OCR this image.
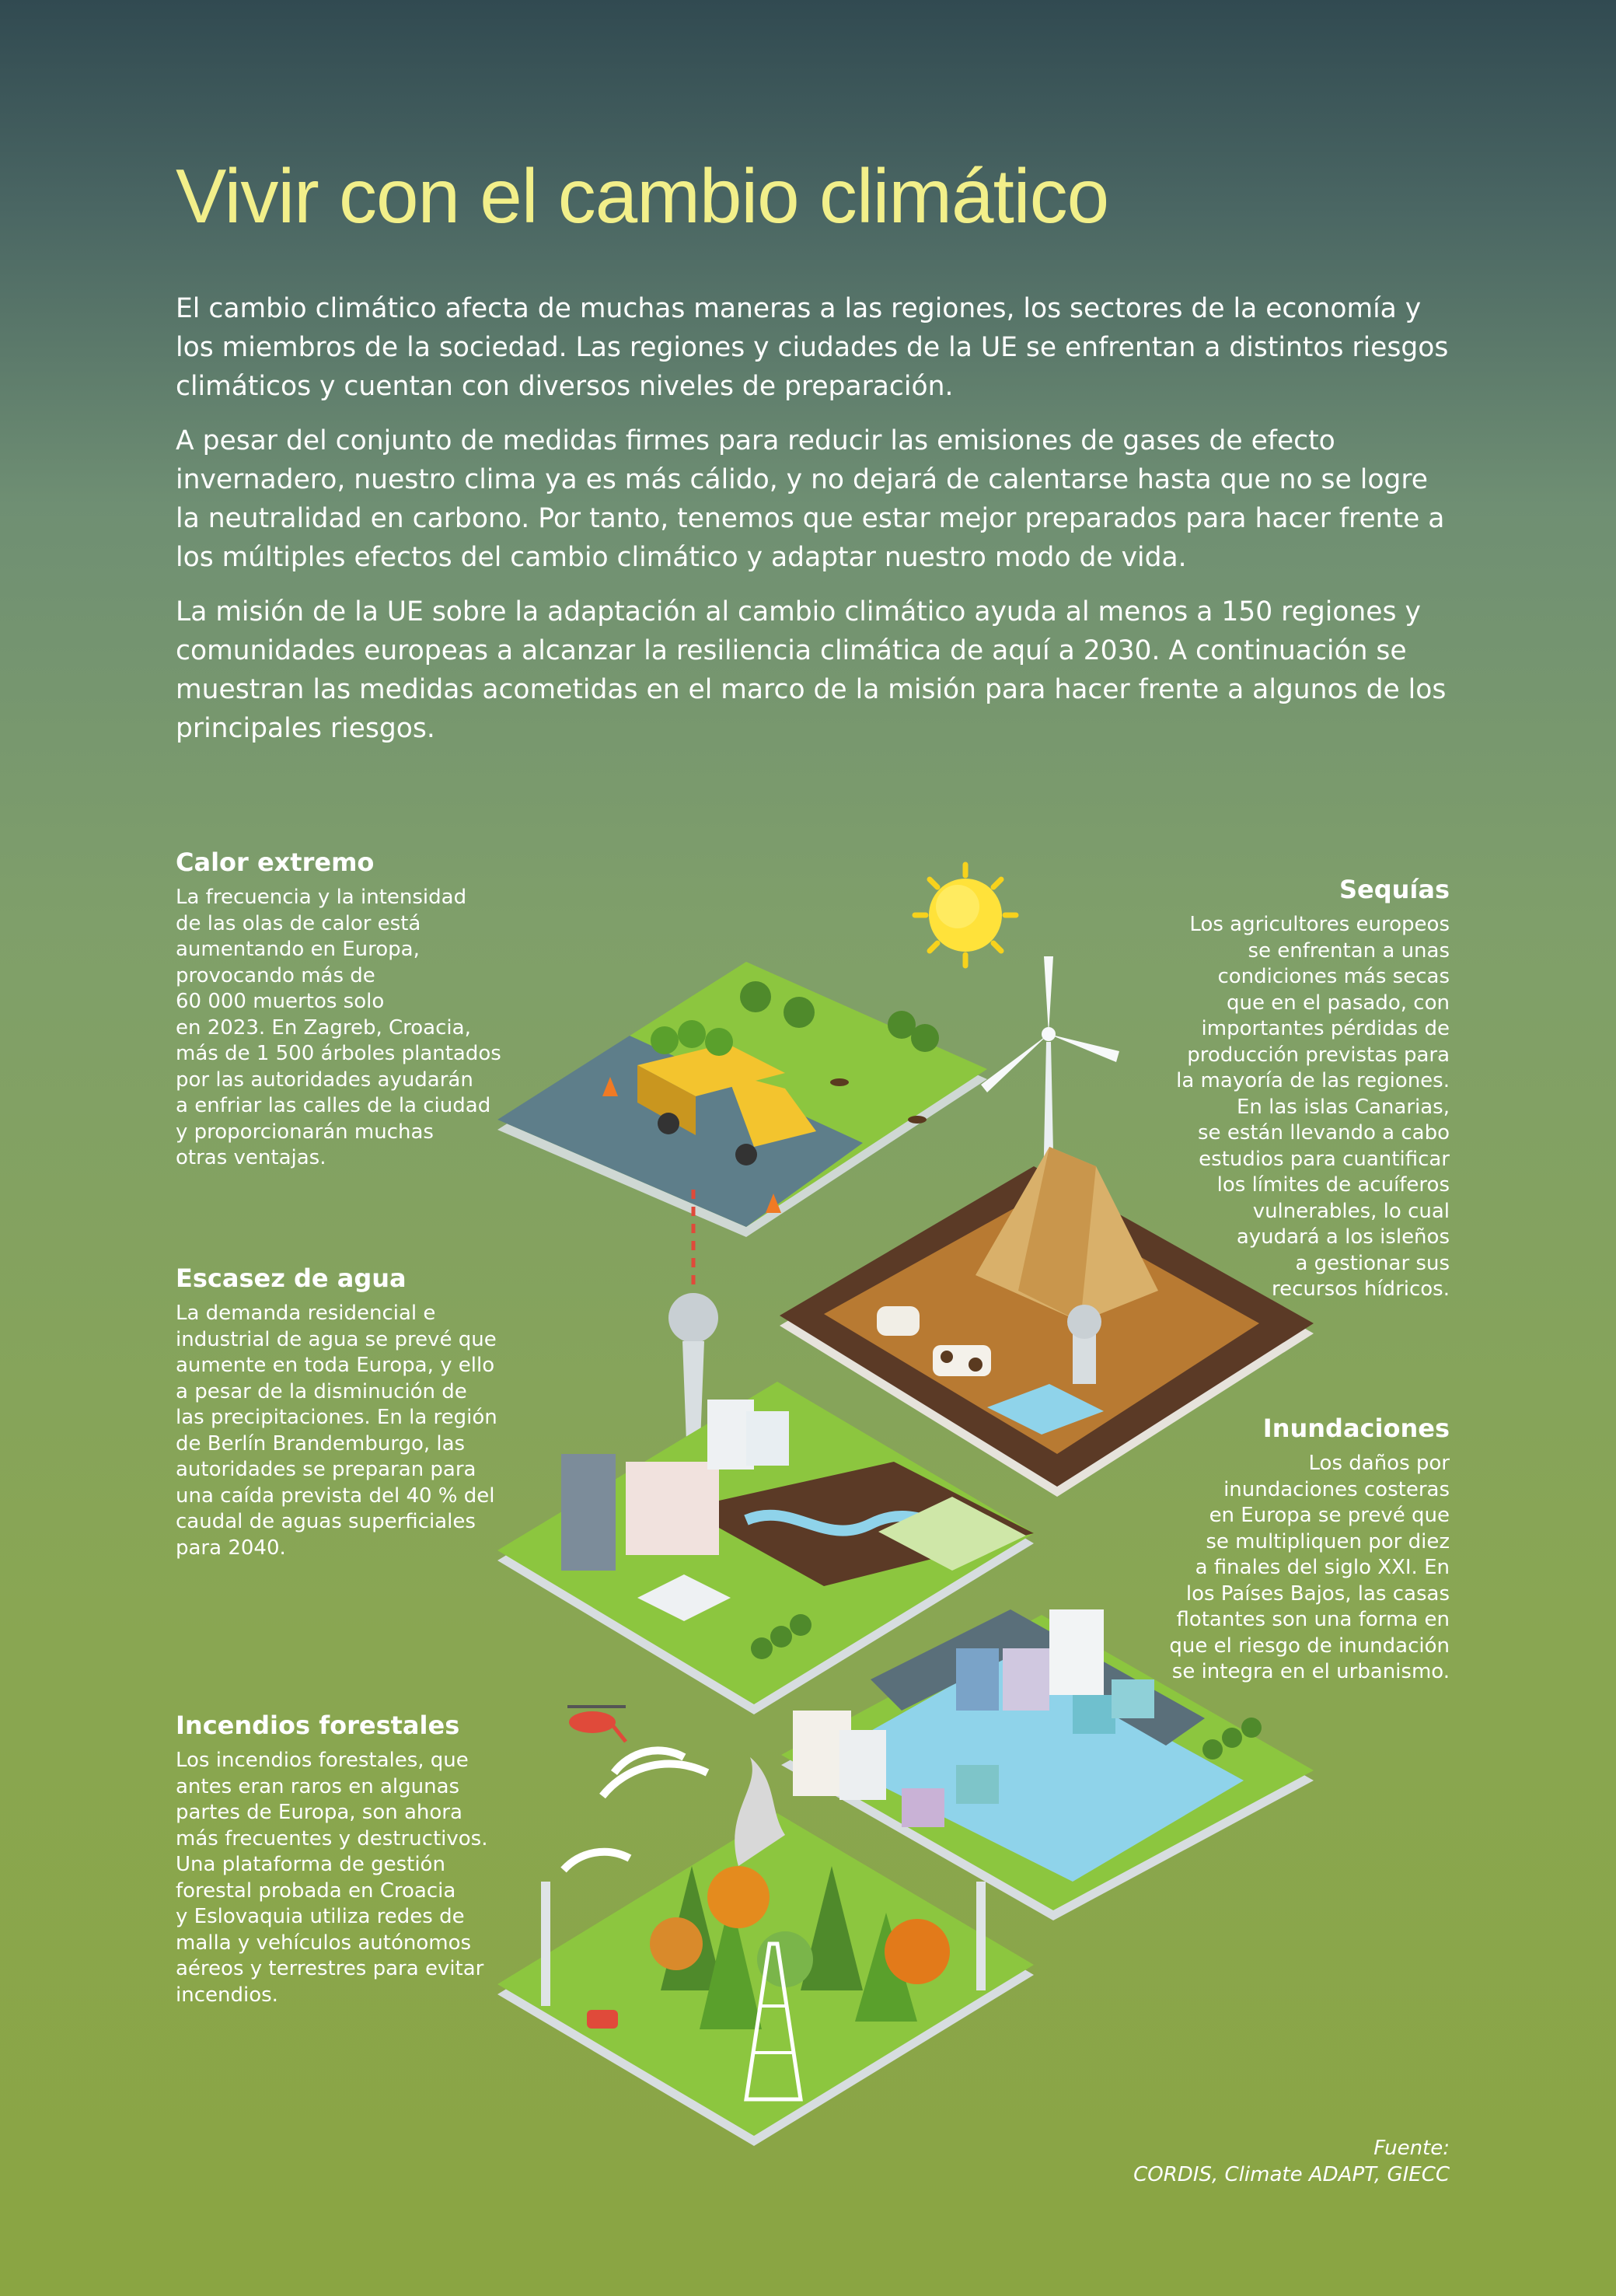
Vivir con el cambio climático

El cambio climático afecta de muchas maneras a las regiones, los sectores de la economía y los miembros de la sociedad. Las regiones y ciudades de la UE se enfrentan a distintos riesgos climáticos y cuentan con diversos niveles de preparación.

A pesar del conjunto de medidas firmes para reducir las emisiones de gases de efecto invernadero, nuestro clima ya es más cálido, y no dejará de calentarse hasta que no se logre la neutralidad en carbono. Por tanto, tenemos que estar mejor preparados para hacer frente a los múltiples efectos del cambio climático y adaptar nuestro modo de vida.

La misión de la UE sobre la adaptación al cambio climático ayuda al menos a 150 regiones y comunidades europeas a alcanzar la resiliencia climática de aquí a 2030. A continuación se muestran las medidas acometidas en el marco de la misión para hacer frente a algunos de los principales riesgos.

Calor extremo

La frecuencia y la intensidad
de las olas de calor está
aumentando en Europa,
provocando más de
60 000 muertos solo
en 2023. En Zagreb, Croacia,
más de 1 500 árboles plantados
por las autoridades ayudarán
a enfriar las calles de la ciudad
y proporcionarán muchas
otras ventajas.

Sequías

Los agricultores europeos
se enfrentan a unas
condiciones más secas
que en el pasado, con
importantes pérdidas de
producción previstas para
la mayoría de las regiones.
En las islas Canarias,
se están llevando a cabo
estudios para cuantificar
los límites de acuíferos
vulnerables, lo cual
ayudará a los isleños
a gestionar sus
recursos hídricos.

Escasez de agua

La demanda residencial e
industrial de agua se prevé que
aumente en toda Europa, y ello
a pesar de la disminución de
las precipitaciones. En la región
de Berlín Brandemburgo, las
autoridades se preparan para
una caída prevista del 40 % del
caudal de aguas superficiales
para 2040.

Inundaciones

Los daños por
inundaciones costeras
en Europa se prevé que
se multipliquen por diez
a finales del siglo XXI. En
los Países Bajos, las casas
flotantes son una forma en
que el riesgo de inundación
se integra en el urbanismo.

Incendios forestales

Los incendios forestales, que
antes eran raros en algunas
partes de Europa, son ahora
más frecuentes y destructivos.
Una plataforma de gestión
forestal probada en Croacia
y Eslovaquia utiliza redes de
malla y vehículos autónomos
aéreos y terrestres para evitar
incendios.

Fuente:
CORDIS, Climate ADAPT, GIECC
